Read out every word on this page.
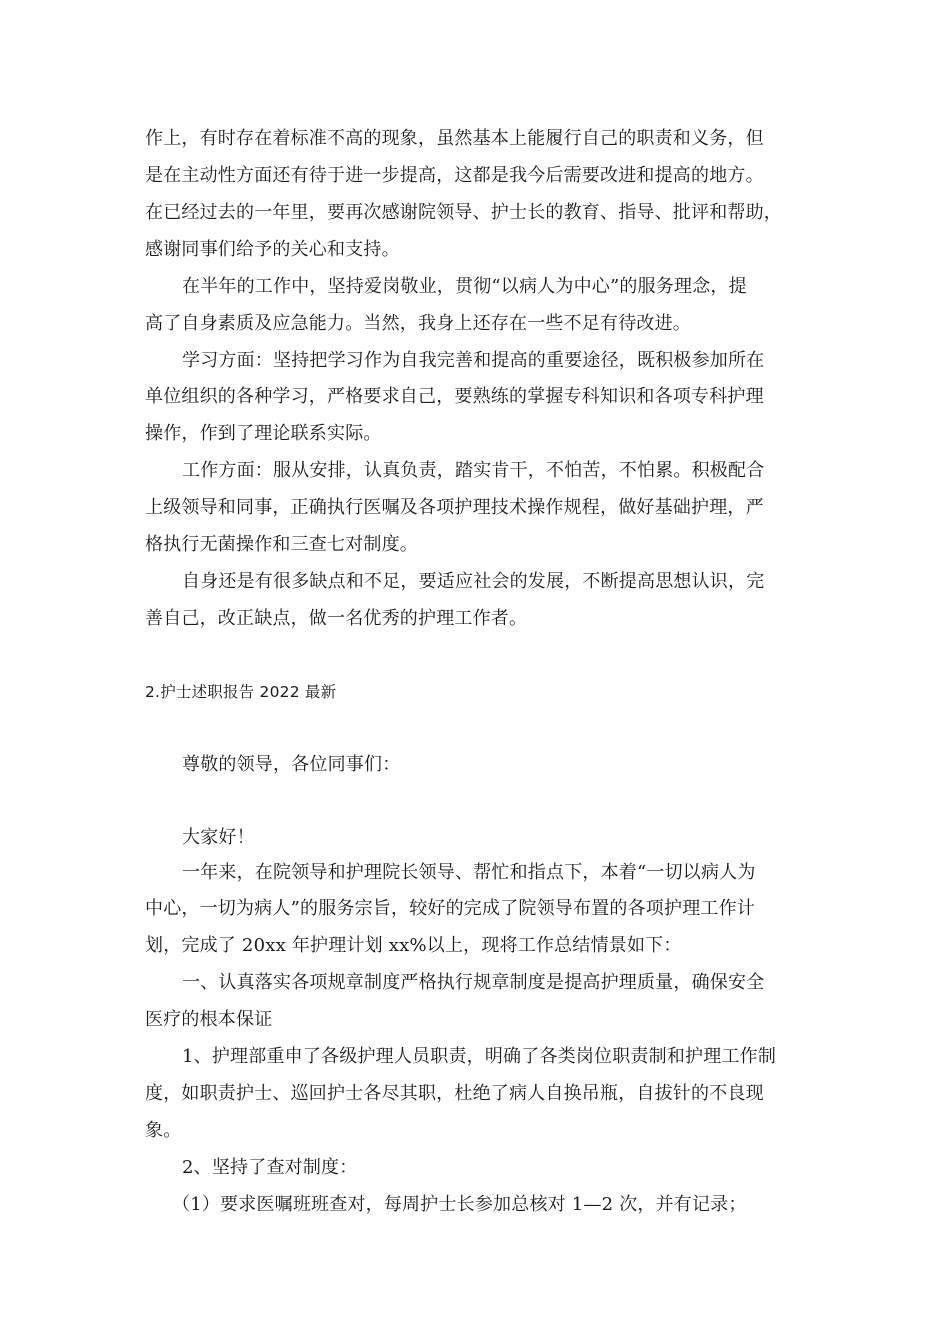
作上，有时存在着标准不高的现象，虽然基本上能履行自己的职责和义务，但
是在主动性方面还有待于进一步提高，这都是我今后需要改进和提高的地方。
在已经过去的一年里，要再次感谢院领导、护士长的教育、指导、批评和帮助，
感谢同事们给予的关心和支持。
在半年的工作中，坚持爱岗敬业，贯彻“以病人为中心”的服务理念，提
高了自身素质及应急能力。当然，我身上还存在一些不足有待改进。
学习方面：坚持把学习作为自我完善和提高的重要途径，既积极参加所在
单位组织的各种学习，严格要求自己，要熟练的掌握专科知识和各项专科护理
操作，作到了理论联系实际。
工作方面：服从安排，认真负责，踏实肯干，不怕苦，不怕累。积极配合
上级领导和同事，正确执行医嘱及各项护理技术操作规程，做好基础护理，严
格执行无菌操作和三查七对制度。
自身还是有很多缺点和不足，要适应社会的发展，不断提高思想认识，完
善自己，改正缺点，做一名优秀的护理工作者。
2.护士述职报告 2022 最新
尊敬的领导，各位同事们：
大家好！
一年来，在院领导和护理院长领导、帮忙和指点下，本着“一切以病人为
中心，一切为病人”的服务宗旨，较好的完成了院领导布置的各项护理工作计
划，完成了 20xx 年护理计划 xx%以上，现将工作总结情景如下：
一、认真落实各项规章制度严格执行规章制度是提高护理质量，确保安全
医疗的根本保证
1、护理部重申了各级护理人员职责，明确了各类岗位职责制和护理工作制
度，如职责护士、巡回护士各尽其职，杜绝了病人自换吊瓶，自拔针的不良现
象。
2、坚持了查对制度：
（1）要求医嘱班班查对，每周护士长参加总核对 1—2 次，并有记录；
